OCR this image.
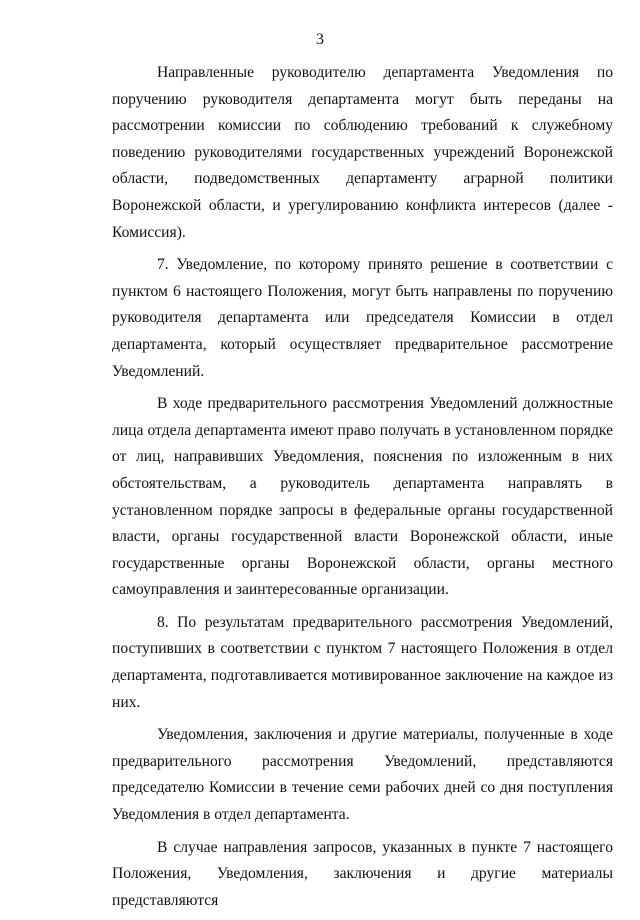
3

Направленные руководителю департамента Уведомления по поручению руководителя департамента могут быть переданы на рассмотрении комиссии по соблюдению требований к служебному поведению руководителями государственных учреждений Воронежской области, подведомственных департаменту аграрной политики Воронежской области, и урегулированию конфликта интересов (далее - Комиссия).

7. Уведомление, по которому принято решение в соответствии с пунктом 6 настоящего Положения, могут быть направлены по поручению руководителя департамента или председателя Комиссии в отдел департамента, который осуществляет предварительное рассмотрение Уведомлений.

В ходе предварительного рассмотрения Уведомлений должностные лица отдела департамента имеют право получать в установленном порядке от лиц, направивших Уведомления, пояснения по изложенным в них обстоятельствам, а руководитель департамента направлять в установленном порядке запросы в федеральные органы государственной власти, органы государственной власти Воронежской области, иные государственные органы Воронежской области, органы местного самоуправления и заинтересованные организации.

8. По результатам предварительного рассмотрения Уведомлений, поступивших в соответствии с пунктом 7 настоящего Положения в отдел департамента, подготавливается мотивированное заключение на каждое из них.

Уведомления, заключения и другие материалы, полученные в ходе предварительного рассмотрения Уведомлений, представляются председателю Комиссии в течение семи рабочих дней со дня поступления Уведомления в отдел департамента.

В случае направления запросов, указанных в пункте 7 настоящего Положения, Уведомления, заключения и другие материалы представляются
